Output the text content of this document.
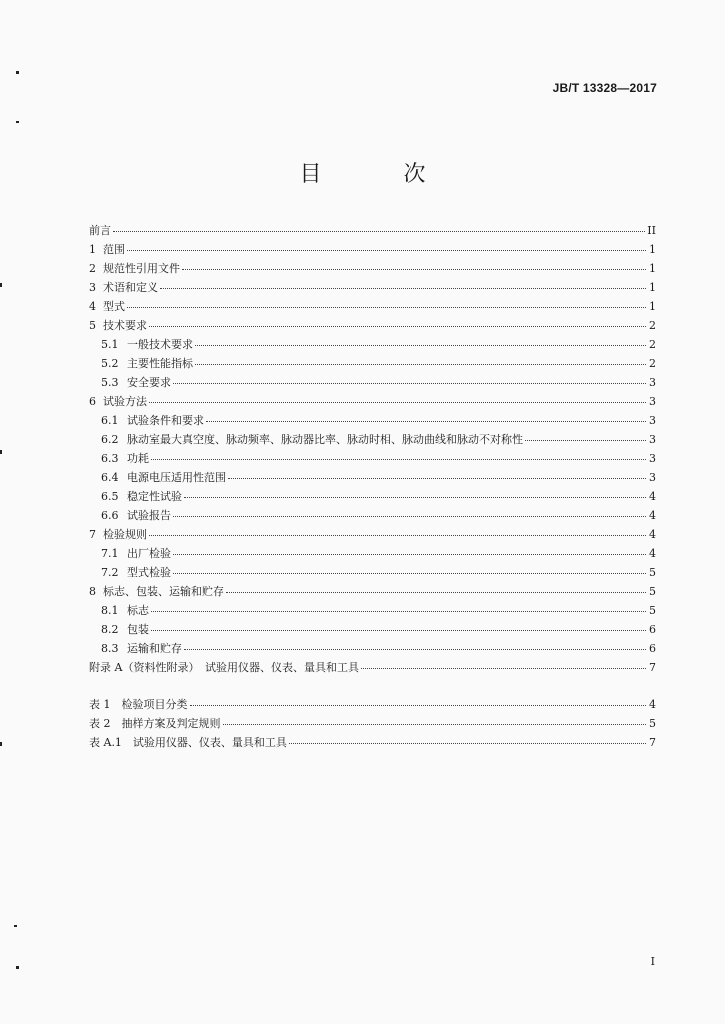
JB/T 13328—2017
目　次
前言	II
1 范围	1
2 规范性引用文件	1
3 术语和定义	1
4 型式	1
5 技术要求	2
5.1 一般技术要求	2
5.2 主要性能指标	2
5.3 安全要求	3
6 试验方法	3
6.1 试验条件和要求	3
6.2 脉动室最大真空度、脉动频率、脉动器比率、脉动时相、脉动曲线和脉动不对称性	3
6.3 功耗	3
6.4 电源电压适用性范围	3
6.5 稳定性试验	4
6.6 试验报告	4
7 检验规则	4
7.1 出厂检验	4
7.2 型式检验	5
8 标志、包装、运输和贮存	5
8.1 标志	5
8.2 包装	6
8.3 运输和贮存	6
附录 A（资料性附录）　试验用仪器、仪表、量具和工具	7
表 1　检验项目分类	4
表 2　抽样方案及判定规则	5
表 A.1　试验用仪器、仪表、量具和工具	7
I
